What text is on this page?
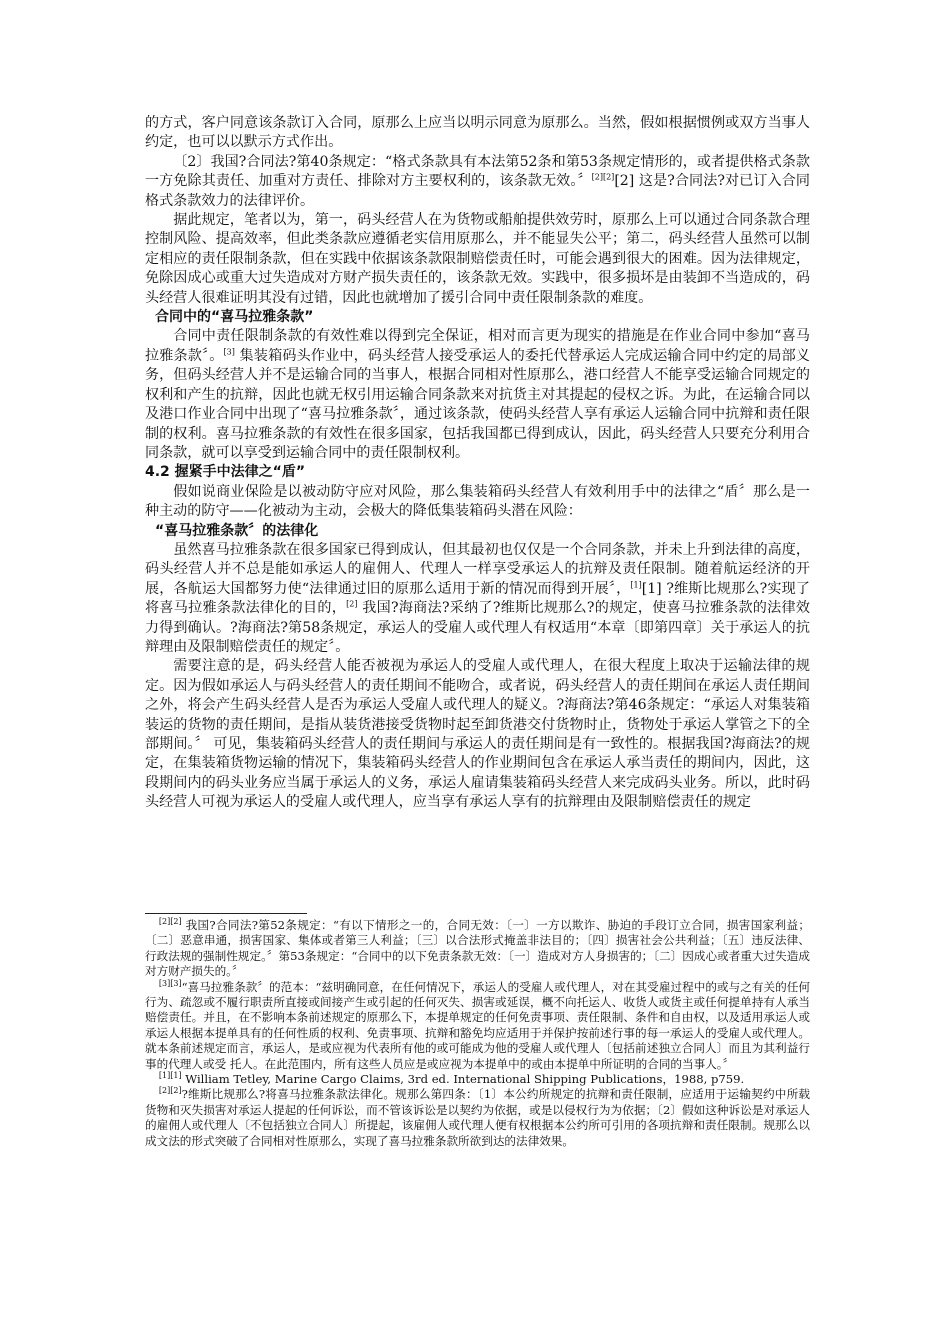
的方式，客户同意该条款订入合同，原那么上应当以明示同意为原那么。当然，假如根据惯例或双方当事人约定，也可以以默示方式作出。

〔2〕我国?合同法?第40条规定：“格式条款具有本法第52条和第53条规定情形的，或者提供格式条款一方免除其责任、加重对方责任、排除对方主要权利的，该条款无效。〞[2][2][2] 这是?合同法?对已订入合同格式条款效力的法律评价。

据此规定，笔者以为，第一，码头经营人在为货物或船舶提供效劳时，原那么上可以通过合同条款合理控制风险、提高效率，但此类条款应遵循老实信用原那么，并不能显失公平；第二，码头经营人虽然可以制定相应的责任限制条款，但在实践中依据该条款限制赔偿责任时，可能会遇到很大的困难。因为法律规定，免除因成心或重大过失造成对方财产损失责任的，该条款无效。实践中，很多损坏是由装卸不当造成的，码头经营人很难证明其没有过错，因此也就增加了援引合同中责任限制条款的难度。

合同中的“喜马拉雅条款”

合同中责任限制条款的有效性难以得到完全保证，相对而言更为现实的措施是在作业合同中参加“喜马拉雅条款〞。[3] 集装箱码头作业中，码头经营人接受承运人的委托代替承运人完成运输合同中约定的局部义务，但码头经营人并不是运输合同的当事人，根据合同相对性原那么，港口经营人不能享受运输合同规定的权利和产生的抗辩，因此也就无权引用运输合同条款来对抗货主对其提起的侵权之诉。为此，在运输合同以及港口作业合同中出现了“喜马拉雅条款〞，通过该条款，使码头经营人享有承运人运输合同中抗辩和责任限制的权利。喜马拉雅条款的有效性在很多国家，包括我国都已得到成认，因此，码头经营人只要充分利用合同条款，就可以享受到运输合同中的责任限制权利。

4.2 握紧手中法律之“盾”

假如说商业保险是以被动防守应对风险，那么集装箱码头经营人有效利用手中的法律之“盾〞那么是一种主动的防守——化被动为主动，会极大的降低集装箱码头潜在风险：

“喜马拉雅条款〞的法律化

虽然喜马拉雅条款在很多国家已得到成认，但其最初也仅仅是一个合同条款，并未上升到法律的高度，码头经营人并不总是能如承运人的雇佣人、代理人一样享受承运人的抗辩及责任限制。随着航运经济的开展，各航运大国都努力使“法律通过旧的原那么适用于新的情况而得到开展〞，[1][1] ?维斯比规那么?实现了将喜马拉雅条款法律化的目的，[2] 我国?海商法?采纳了?维斯比规那么?的规定，使喜马拉雅条款的法律效力得到确认。?海商法?第58条规定，承运人的受雇人或代理人有权适用“本章〔即第四章〕关于承运人的抗辩理由及限制赔偿责任的规定〞。

需要注意的是，码头经营人能否被视为承运人的受雇人或代理人，在很大程度上取决于运输法律的规定。因为假如承运人与码头经营人的责任期间不能吻合，或者说，码头经营人的责任期间在承运人责任期间之外，将会产生码头经营人是否为承运人受雇人或代理人的疑义。?海商法?第46条规定：“承运人对集装箱装运的货物的责任期间，是指从装货港接受货物时起至卸货港交付货物时止，货物处于承运人掌管之下的全部期间。〞 可见，集装箱码头经营人的责任期间与承运人的责任期间是有一致性的。根据我国?海商法?的规定，在集装箱货物运输的情况下，集装箱码头经营人的作业期间包含在承运人承当责任的期间内，因此，这段期间内的码头业务应当属于承运人的义务，承运人雇请集装箱码头经营人来完成码头业务。所以，此时码头经营人可视为承运人的受雇人或代理人，应当享有承运人享有的抗辩理由及限制赔偿责任的规定

[2][2] 我国?合同法?第52条规定：“有以下情形之一的，合同无效：〔一〕一方以欺诈、胁迫的手段订立合同，损害国家利益；〔二〕恶意串通，损害国家、集体或者第三人利益；〔三〕以合法形式掩盖非法目的；〔四〕损害社会公共利益；〔五〕违反法律、行政法规的强制性规定。〞第53条规定：“合同中的以下免责条款无效：〔一〕造成对方人身损害的；〔二〕因成心或者重大过失造成对方财产损失的。〞

[3][3]“喜马拉雅条款〞的范本：“兹明确同意，在任何情况下，承运人的受雇人或代理人，对在其受雇过程中的或与之有关的任何行为、疏忽或不履行职责所直接或间接产生或引起的任何灭失、损害或延误，概不向托运人、收货人或货主或任何提单持有人承当赔偿责任。并且，在不影响本条前述规定的原那么下，本提单规定的任何免责事项、责任限制、条件和自由权，以及适用承运人或承运人根据本提单具有的任何性质的权利、免责事项、抗辩和豁免均应适用于并保护按前述行事的每一承运人的受雇人或代理人。就本条前述规定而言，承运人，是或应视为代表所有他的或可能成为他的受雇人或代理人〔包括前述独立合同人〕而且为其利益行事的代理人或受 托人。在此范围内，所有这些人员应是或应视为本提单中的或由本提单中所证明的合同的当事人。〞

[1][1] William Tetley, Marine Cargo Claims, 3rd ed. International Shipping Publications，1988, p759.

[2][2]?维斯比规那么?将喜马拉雅条款法律化。规那么第四条：〔1〕本公约所规定的抗辩和责任限制，应适用于运输契约中所载货物和灭失损害对承运人提起的任何诉讼，而不管该诉讼是以契约为依据，或是以侵权行为为依据；〔2〕假如这种诉讼是对承运人的雇佣人或代理人〔不包括独立合同人〕所提起，该雇佣人或代理人便有权根据本公约所可引用的各项抗辩和责任限制。规那么以成文法的形式突破了合同相对性原那么，实现了喜马拉雅条款所欲到达的法律效果。
